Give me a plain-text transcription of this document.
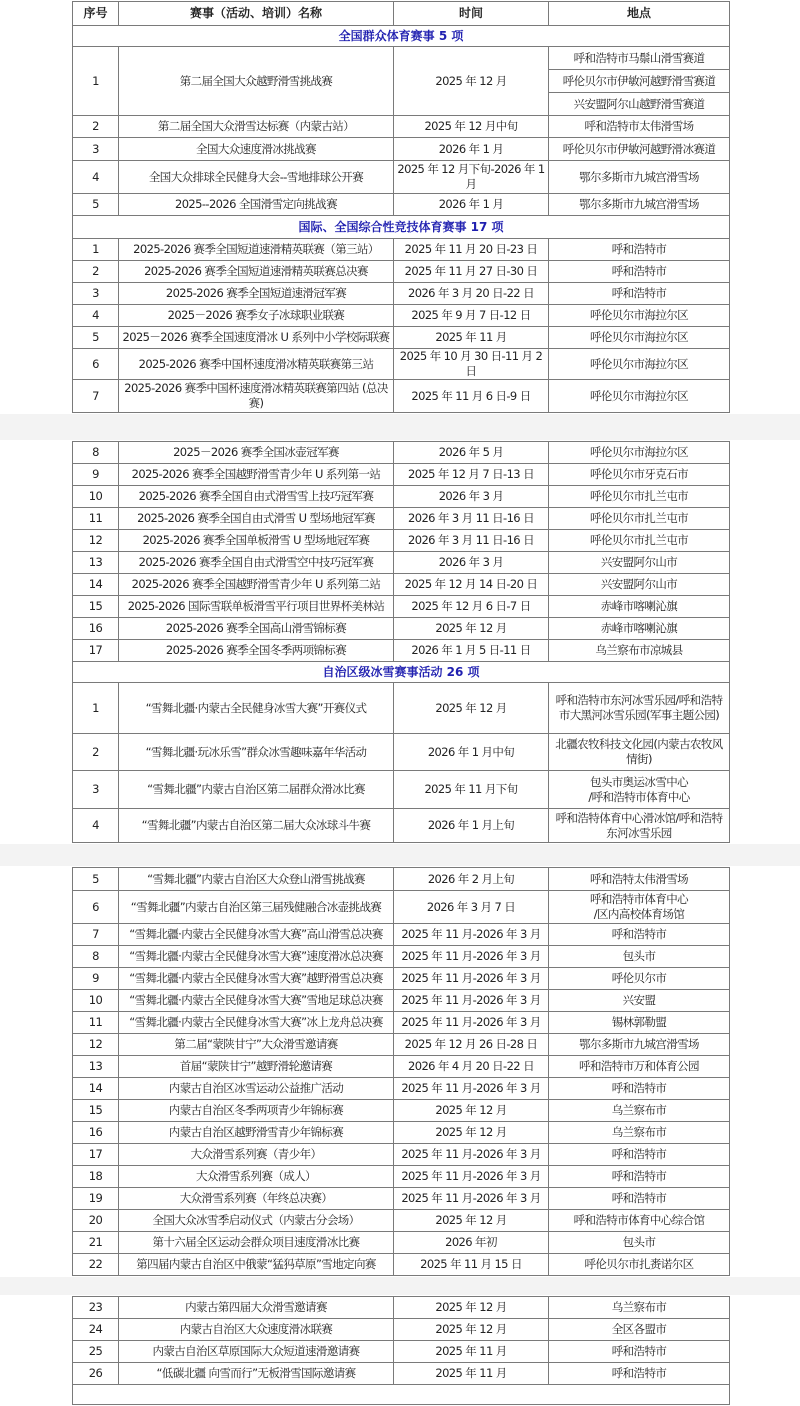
序号	赛事（活动、培训）名称	时间	地点
全国群众体育赛事 5 项			
1	第二届全国大众越野滑雪挑战赛	2025 年 12 月	呼和浩特市马鬃山滑雪赛道
呼伦贝尔市伊敏河越野滑雪赛道
兴安盟阿尔山越野滑雪赛道

2	第二届全国大众滑雪达标赛（内蒙古站）	2025 年 12 月中旬	呼和浩特市太伟滑雪场
3	全国大众速度滑冰挑战赛	2026 年 1 月	呼伦贝尔市伊敏河越野滑冰赛道
4	全国大众排球全民健身大会--雪地排球公开赛	2025 年 12 月下旬-2026 年 1 月	鄂尔多斯市九城宫滑雪场
5	2025--2026 全国滑雪定向挑战赛	2026 年 1 月	鄂尔多斯市九城宫滑雪场
国际、全国综合性竞技体育赛事 17 项			
1	2025-2026 赛季全国短道速滑精英联赛（第三站）	2025 年 11 月 20 日-23 日	呼和浩特市
2	2025-2026 赛季全国短道速滑精英联赛总决赛	2025 年 11 月 27 日-30 日	呼和浩特市
3	2025-2026 赛季全国短道速滑冠军赛	2026 年 3 月 20 日-22 日	呼和浩特市
4	2025－2026 赛季女子冰球职业联赛	2025 年 9 月 7 日-12 日	呼伦贝尔市海拉尔区
5	2025－2026 赛季全国速度滑冰 U 系列中小学校际联赛	2025 年 11 月	呼伦贝尔市海拉尔区
6	2025-2026 赛季中国杯速度滑冰精英联赛第三站	2025 年 10 月 30 日-11 月 2 日	呼伦贝尔市海拉尔区
7	2025-2026 赛季中国杯速度滑冰精英联赛第四站 (总决赛)	2025 年 11 月 6 日-9 日	呼伦贝尔市海拉尔区
8	2025－2026 赛季全国冰壶冠军赛	2026 年 5 月	呼伦贝尔市海拉尔区
9	2025-2026 赛季全国越野滑雪青少年 U 系列第一站	2025 年 12 月 7 日-13 日	呼伦贝尔市牙克石市
10	2025-2026 赛季全国自由式滑雪雪上技巧冠军赛	2026 年 3 月	呼伦贝尔市扎兰屯市
11	2025-2026 赛季全国自由式滑雪 U 型场地冠军赛	2026 年 3 月 11 日-16 日	呼伦贝尔市扎兰屯市
12	2025-2026 赛季全国单板滑雪 U 型场地冠军赛	2026 年 3 月 11 日-16 日	呼伦贝尔市扎兰屯市
13	2025-2026 赛季全国自由式滑雪空中技巧冠军赛	2026 年 3 月	兴安盟阿尔山市
14	2025-2026 赛季全国越野滑雪青少年 U 系列第二站	2025 年 12 月 14 日-20 日	兴安盟阿尔山市
15	2025-2026 国际雪联单板滑雪平行项目世界杯美林站	2025 年 12 月 6 日-7 日	赤峰市喀喇沁旗
16	2025-2026 赛季全国高山滑雪锦标赛	2025 年 12 月	赤峰市喀喇沁旗
17	2025-2026 赛季全国冬季两项锦标赛	2026 年 1 月 5 日-11 日	乌兰察布市凉城县
自治区级冰雪赛事活动 26 项			
1	“雪舞北疆·内蒙古全民健身冰雪大赛”开赛仪式	2025 年 12 月	呼和浩特市东河冰雪乐园/呼和浩特市大黑河冰雪乐园(军事主题公园)
2	“雪舞北疆·玩冰乐雪”群众冰雪趣味嘉年华活动	2026 年 1 月中旬	北疆农牧科技文化园(内蒙古农牧风情街)
3	“雪舞北疆”内蒙古自治区第二届群众滑冰比赛	2025 年 11 月下旬	包头市奥运冰雪中心
/呼和浩特市体育中心
4	“雪舞北疆”内蒙古自治区第二届大众冰球斗牛赛	2026 年 1 月上旬	呼和浩特体育中心滑冰馆/呼和浩特东河冰雪乐园
5	“雪舞北疆”内蒙古自治区大众登山滑雪挑战赛	2026 年 2 月上旬	呼和浩特太伟滑雪场
6	“雪舞北疆”内蒙古自治区第三届残健融合冰壶挑战赛	2026 年 3 月 7 日	呼和浩特市体育中心
/区内高校体育场馆
7	“雪舞北疆·内蒙古全民健身冰雪大赛”高山滑雪总决赛	2025 年 11 月-2026 年 3 月	呼和浩特市
8	“雪舞北疆·内蒙古全民健身冰雪大赛”速度滑冰总决赛	2025 年 11 月-2026 年 3 月	包头市
9	“雪舞北疆·内蒙古全民健身冰雪大赛”越野滑雪总决赛	2025 年 11 月-2026 年 3 月	呼伦贝尔市
10	“雪舞北疆·内蒙古全民健身冰雪大赛”雪地足球总决赛	2025 年 11 月-2026 年 3 月	兴安盟
11	“雪舞北疆·内蒙古全民健身冰雪大赛”冰上龙舟总决赛	2025 年 11 月-2026 年 3 月	锡林郭勒盟
12	第二届“蒙陕甘宁”大众滑雪邀请赛	2025 年 12 月 26 日-28 日	鄂尔多斯市九城宫滑雪场
13	首届“蒙陕甘宁”越野滑轮邀请赛	2026 年 4 月 20 日-22 日	呼和浩特市万和体育公园
14	内蒙古自治区冰雪运动公益推广活动	2025 年 11 月-2026 年 3 月	呼和浩特市
15	内蒙古自治区冬季两项青少年锦标赛	2025 年 12 月	乌兰察布市
16	内蒙古自治区越野滑雪青少年锦标赛	2025 年 12 月	乌兰察布市
17	大众滑雪系列赛（青少年）	2025 年 11 月-2026 年 3 月	呼和浩特市
18	大众滑雪系列赛（成人）	2025 年 11 月-2026 年 3 月	呼和浩特市
19	大众滑雪系列赛（年终总决赛）	2025 年 11 月-2026 年 3 月	呼和浩特市
20	全国大众冰雪季启动仪式（内蒙古分会场）	2025 年 12 月	呼和浩特市体育中心综合馆
21	第十六届全区运动会群众项目速度滑冰比赛	2026 年初	包头市
22	第四届内蒙古自治区中俄蒙“猛犸草原”雪地定向赛	2025 年 11 月 15 日	呼伦贝尔市扎赉诺尔区
23	内蒙古第四届大众滑雪邀请赛	2025 年 12 月	乌兰察布市
24	内蒙古自治区大众速度滑冰联赛	2025 年 12 月	全区各盟市
25	内蒙古自治区草原国际大众短道速滑邀请赛	2025 年 11 月	呼和浩特市
26	“低碳北疆 向雪而行”无板滑雪国际邀请赛	2025 年 11 月	呼和浩特市
